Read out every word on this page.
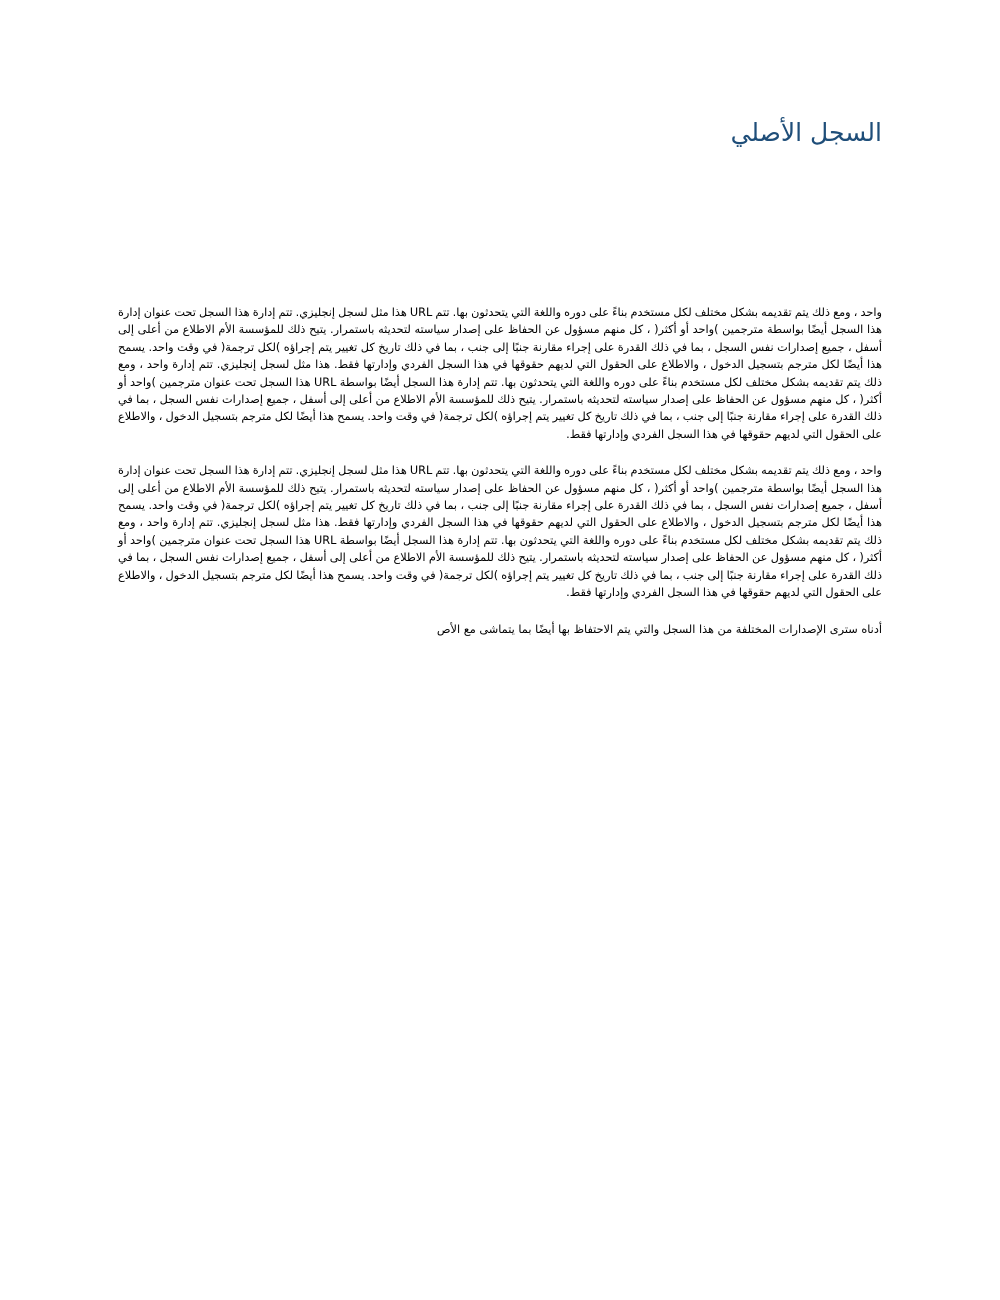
السجل الأصلي

واحد ، ومع ذلك يتم تقديمه بشكل مختلف لكل مستخدم بناءً على دوره واللغة التي يتحدثون بها. تتم URL هذا مثل لسجل إنجليزي. تتم إدارة هذا السجل تحت عنوان إدارة هذا السجل أيضًا بواسطة مترجمين )واحد أو أكثر( ، كل منهم مسؤول عن الحفاظ على إصدار سياسته لتحديثه باستمرار. يتيح ذلك للمؤسسة الأم الاطلاع من أعلى إلى أسفل ، جميع إصدارات نفس السجل ، بما في ذلك القدرة على إجراء مقارنة جنبًا إلى جنب ، بما في ذلك تاريخ كل تغيير يتم إجراؤه )لكل ترجمة( في وقت واحد. يسمح هذا أيضًا لكل مترجم بتسجيل الدخول ، والاطلاع على الحقول التي لديهم حقوقها في هذا السجل الفردي وإدارتها فقط. هذا مثل لسجل إنجليزي. تتم إدارة واحد ، ومع ذلك يتم تقديمه بشكل مختلف لكل مستخدم بناءً على دوره واللغة التي يتحدثون بها. تتم إدارة هذا السجل أيضًا بواسطة URL هذا السجل تحت عنوان مترجمين )واحد أو أكثر( ، كل منهم مسؤول عن الحفاظ على إصدار سياسته لتحديثه باستمرار. يتيح ذلك للمؤسسة الأم الاطلاع من أعلى إلى أسفل ، جميع إصدارات نفس السجل ، بما في ذلك القدرة على إجراء مقارنة جنبًا إلى جنب ، بما في ذلك تاريخ كل تغيير يتم إجراؤه )لكل ترجمة( في وقت واحد. يسمح هذا أيضًا لكل مترجم بتسجيل الدخول ، والاطلاع على الحقول التي لديهم حقوقها في هذا السجل الفردي وإدارتها فقط.

واحد ، ومع ذلك يتم تقديمه بشكل مختلف لكل مستخدم بناءً على دوره واللغة التي يتحدثون بها. تتم URL هذا مثل لسجل إنجليزي. تتم إدارة هذا السجل تحت عنوان إدارة هذا السجل أيضًا بواسطة مترجمين )واحد أو أكثر( ، كل منهم مسؤول عن الحفاظ على إصدار سياسته لتحديثه باستمرار. يتيح ذلك للمؤسسة الأم الاطلاع من أعلى إلى أسفل ، جميع إصدارات نفس السجل ، بما في ذلك القدرة على إجراء مقارنة جنبًا إلى جنب ، بما في ذلك تاريخ كل تغيير يتم إجراؤه )لكل ترجمة( في وقت واحد. يسمح هذا أيضًا لكل مترجم بتسجيل الدخول ، والاطلاع على الحقول التي لديهم حقوقها في هذا السجل الفردي وإدارتها فقط. هذا مثل لسجل إنجليزي. تتم إدارة واحد ، ومع ذلك يتم تقديمه بشكل مختلف لكل مستخدم بناءً على دوره واللغة التي يتحدثون بها. تتم إدارة هذا السجل أيضًا بواسطة URL هذا السجل تحت عنوان مترجمين )واحد أو أكثر( ، كل منهم مسؤول عن الحفاظ على إصدار سياسته لتحديثه باستمرار. يتيح ذلك للمؤسسة الأم الاطلاع من أعلى إلى أسفل ، جميع إصدارات نفس السجل ، بما في ذلك القدرة على إجراء مقارنة جنبًا إلى جنب ، بما في ذلك تاريخ كل تغيير يتم إجراؤه )لكل ترجمة( في وقت واحد. يسمح هذا أيضًا لكل مترجم بتسجيل الدخول ، والاطلاع على الحقول التي لديهم حقوقها في هذا السجل الفردي وإدارتها فقط.

أدناه سترى الإصدارات المختلفة من هذا السجل والتي يتم الاحتفاظ بها أيضًا بما يتماشى مع الأص
